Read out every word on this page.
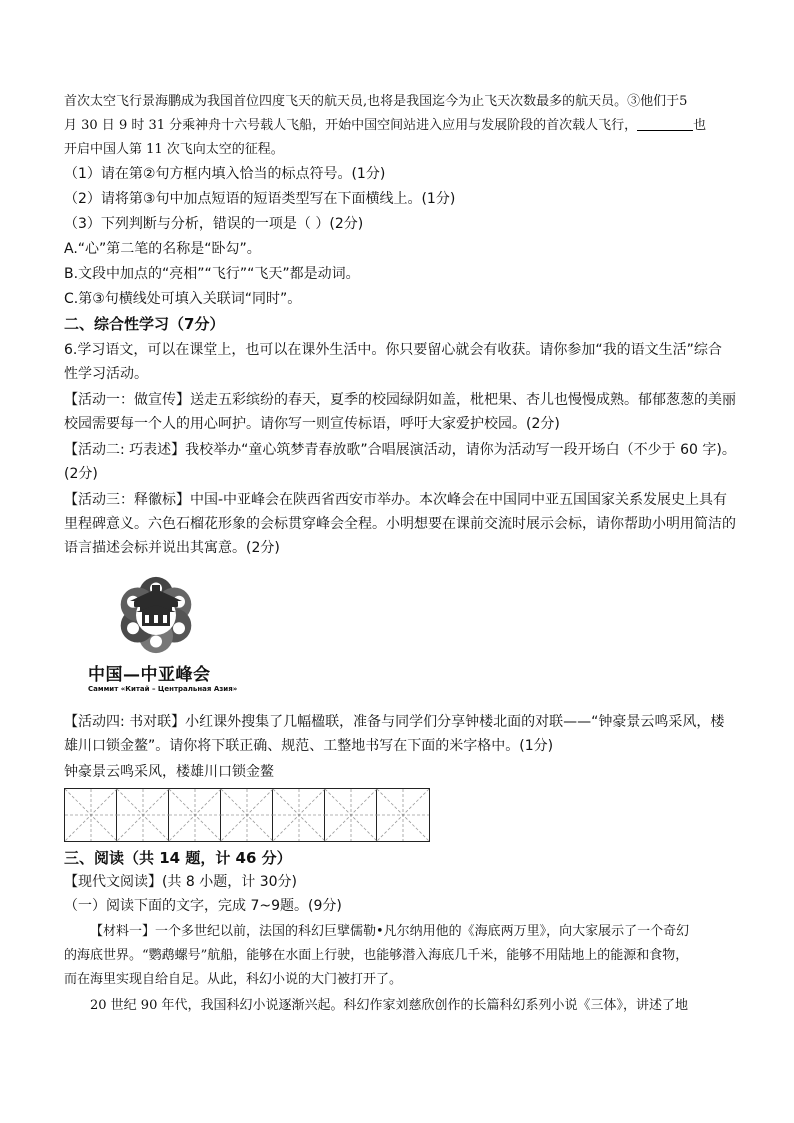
首次太空飞行景海鹏成为我国首位四度飞天的航天员,也将是我国迄今为止飞天次数最多的航天员。③他们于5
月 30 日 9 时 31 分乘神舟十六号载人飞船，开始中国空间站进入应用与发展阶段的首次载人飞行，	也
开启中国人第 11 次飞向太空的征程。
（1）请在第②句方框内填入恰当的标点符号。(1分)
（2）请将第③句中加点短语的短语类型写在下面横线上。(1分)
（3）下列判断与分析，错误的一项是（ ）(2分)
A.“心”第二笔的名称是“卧勾”。
B.文段中加点的“亮相”“飞行”“飞天”都是动词。
C.第③句横线处可填入关联词“同时”。
二、综合性学习（7分）
6.学习语文，可以在课堂上，也可以在课外生活中。你只要留心就会有收获。请你参加“我的语文生活”综合
性学习活动。
【活动一：做宣传】送走五彩缤纷的春天，夏季的校园绿阴如盖，枇杷果、杏儿也慢慢成熟。郁郁葱葱的美丽
校园需要每一个人的用心呵护。请你写一则宣传标语，呼吁大家爱护校园。(2分)
【活动二: 巧表述】我校举办“童心筑梦青春放歌”合唱展演活动，请你为活动写一段开场白（不少于 60 字)。
(2分)
【活动三：释徽标】中国-中亚峰会在陕西省西安市举办。本次峰会在中国同中亚五国国家关系发展史上具有
里程碑意义。六色石榴花形象的会标贯穿峰会全程。小明想要在课前交流时展示会标，请你帮助小明用简洁的
语言描述会标并说出其寓意。(2分)
中国—中亚峰会
Саммит «Китай – Центральная Азия»
【活动四: 书对联】小红课外搜集了几幅楹联，准备与同学们分享钟楼北面的对联——“钟豪景云鸣采风，楼
雄川口锁金鳌”。请你将下联正确、规范、工整地书写在下面的米字格中。(1分)
钟豪景云鸣采风，楼雄川口锁金鳌
三、阅读（共 14 题，计 46 分）
【现代文阅读】(共 8 小题，计 30分)
（一）阅读下面的文字，完成 7~9题。(9分)
【材料一】一个多世纪以前，法国的科幻巨擘儒勒•凡尔纳用他的《海底两万里》，向大家展示了一个奇幻
的海底世界。“鹦鹉螺号”航船，能够在水面上行驶，也能够潜入海底几千米，能够不用陆地上的能源和食物，
而在海里实现自给自足。从此，科幻小说的大门被打开了。
20 世纪 90 年代，我国科幻小说逐渐兴起。科幻作家刘慈欣创作的长篇科幻系列小说《三体》，讲述了地
